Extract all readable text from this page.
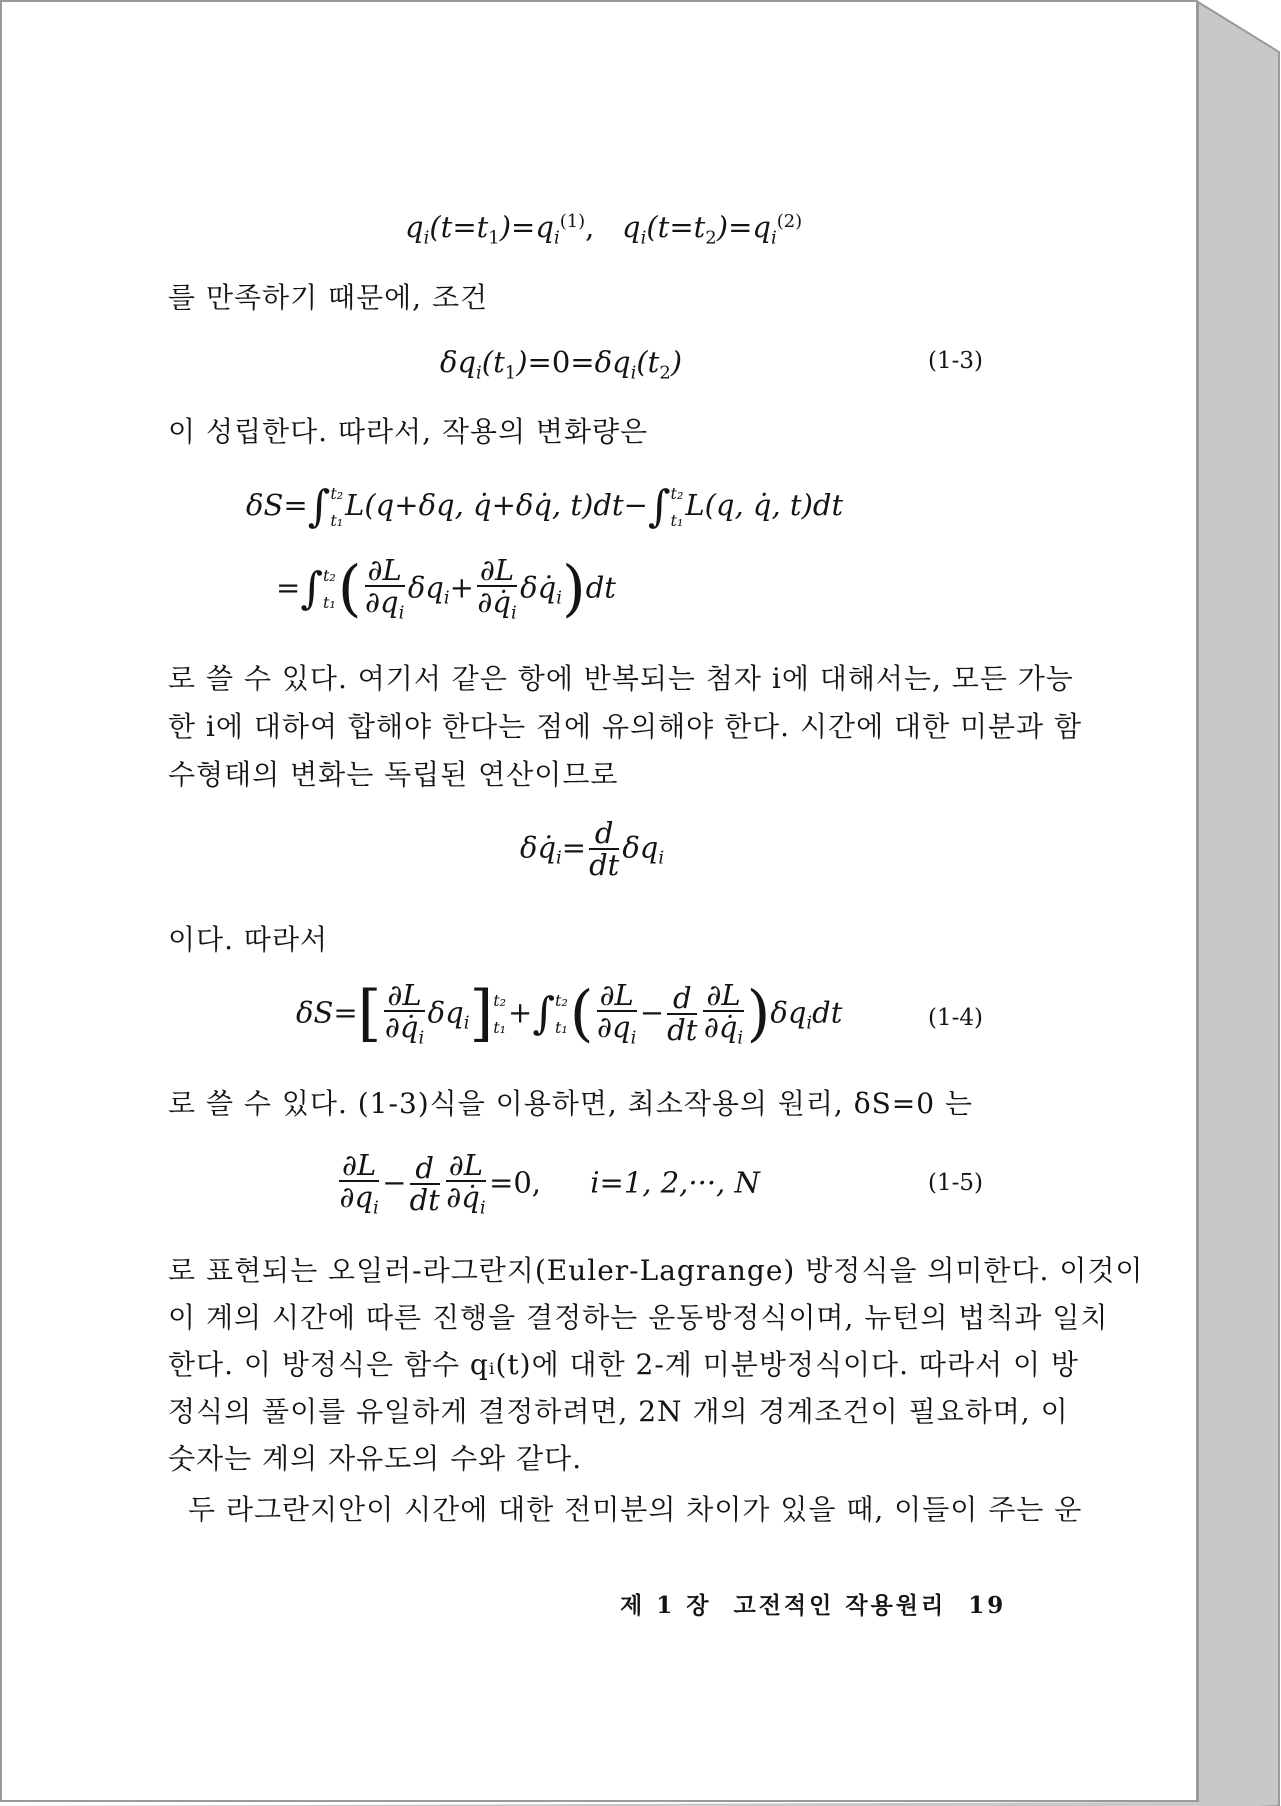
$q_i(t=t_1)=q_i^{(1)}$, $q_i(t=t_2)=q_i^{(2)}$
를 만족하기 때문에, 조건
$\delta q_i(t_1)=0=\delta q_i(t_2)$	(1-3)
이 성립한다. 따라서, 작용의 변화량은
δS=∫ t₂
t₁ L(q+δq, q̇+δq̇, t)dt−∫ t₂
t₁ L(q, q̇, t)dt
=∫ t₂
t₁ ( $\frac{\partial L}{\partial q_i} \delta q_i+ \frac{\partial L}{\partial q̇_i}$ $\delta q̇_i)dt$
로 쓸 수 있다. 여기서 같은 항에 반복되는 첨자 i에 대해서는, 모든 가능
한 i에 대하여 합해야 한다는 점에 유의해야 한다. 시간에 대한 미분과 함
수형태의 변화는 독립된 연산이므로
$\delta q̇_i= \frac{d}{dt} \delta q_i$
이다. 따라서
$\delta S=[ \frac{\partial L}{\partial q̇_i} \delta q_i]$ t₂
t₁ +∫ t₂
t₁ ( $\frac{\partial L}{\partial q_i} - \frac{d}{dt} \frac{\partial L}{\partial q̇_i} )\delta q_idt$	(1-4)
로 쓸 수 있다. (1-3)식을 이용하면, 최소작용의 원리, δS=0 는
$\frac{\partial L}{\partial q_i} - \frac{d}{dt} \frac{\partial L}{\partial q̇_i} =0$, i=1, 2,···, N	(1-5)
로 표현되는 오일러-라그란지(Euler-Lagrange) 방정식을 의미한다. 이것이
이 계의 시간에 따른 진행을 결정하는 운동방정식이며, 뉴턴의 법칙과 일치
한다. 이 방정식은 함수 qᵢ(t)에 대한 2-계 미분방정식이다. 따라서 이 방
정식의 풀이를 유일하게 결정하려면, 2N 개의 경계조건이 필요하며, 이
숫자는 계의 자유도의 수와 같다.
두 라그란지안이 시간에 대한 전미분의 차이가 있을 때, 이들이 주는 운
제 1 장 고전적인 작용원리 19
